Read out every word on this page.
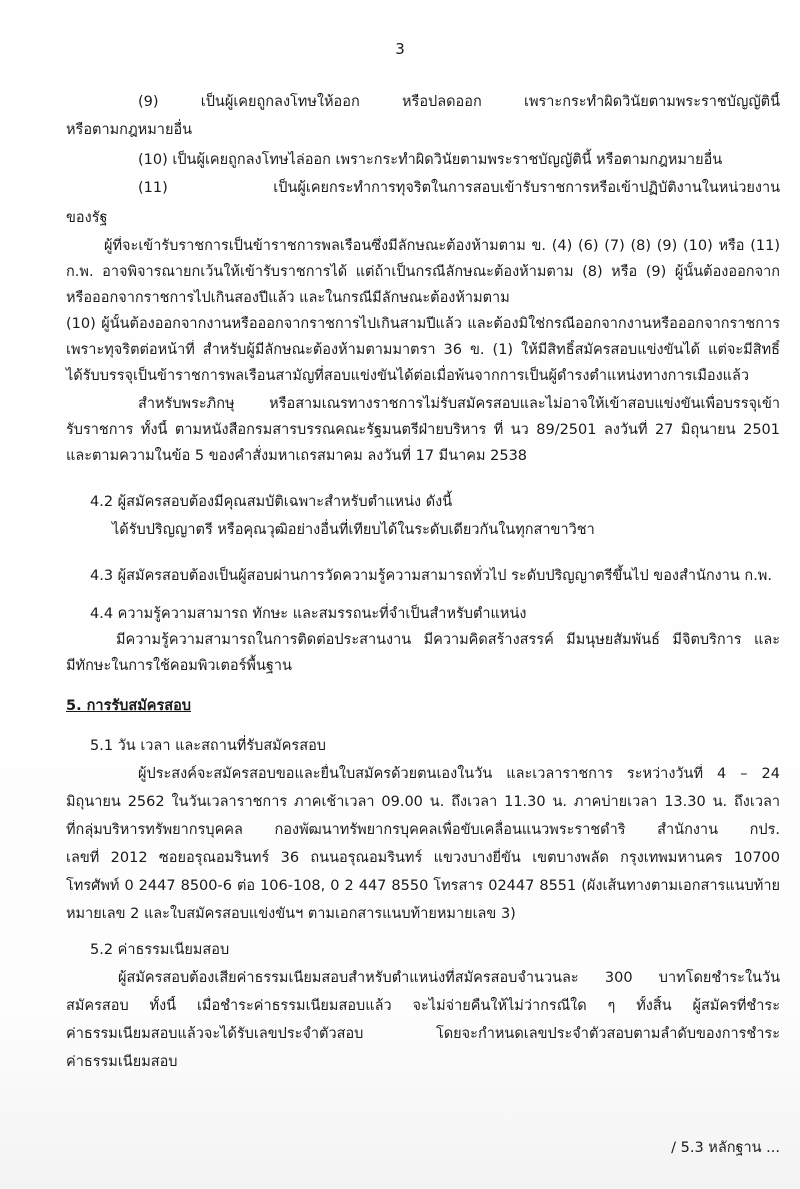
3
(9) เป็นผู้เคยถูกลงโทษให้ออก หรือปลดออก เพราะกระทำผิดวินัยตามพระราชบัญญัตินี้
หรือตามกฎหมายอื่น
(10) เป็นผู้เคยถูกลงโทษไล่ออก เพราะกระทำผิดวินัยตามพระราชบัญญัตินี้ หรือตามกฎหมายอื่น
(11) เป็นผู้เคยกระทำการทุจริตในการสอบเข้ารับราชการหรือเข้าปฏิบัติงานในหน่วยงาน
ของรัฐ
ผู้ที่จะเข้ารับราชการเป็นข้าราชการพลเรือนซึ่งมีลักษณะต้องห้ามตาม ข. (4) (6) (7) (8) (9) (10) หรือ (11)
ก.พ. อาจพิจารณายกเว้นให้เข้ารับราชการได้ แต่ถ้าเป็นกรณีลักษณะต้องห้ามตาม (8) หรือ (9) ผู้นั้นต้องออกจาก
หรือออกจากราชการไปเกินสองปีแล้ว และในกรณีมีลักษณะต้องห้ามตาม
(10) ผู้นั้นต้องออกจากงานหรือออกจากราชการไปเกินสามปีแล้ว และต้องมิใช่กรณีออกจากงานหรือออกจากราชการ
เพราะทุจริตต่อหน้าที่ สำหรับผู้มีลักษณะต้องห้ามตามมาตรา 36 ข. (1) ให้มีสิทธิ์สมัครสอบแข่งขันได้ แต่จะมีสิทธิ์
ได้รับบรรจุเป็นข้าราชการพลเรือนสามัญที่สอบแข่งขันได้ต่อเมื่อพ้นจากการเป็นผู้ดำรงตำแหน่งทางการเมืองแล้ว
สำหรับพระภิกษุ หรือสามเณรทางราชการไม่รับสมัครสอบและไม่อาจให้เข้าสอบแข่งขันเพื่อบรรจุเข้า
รับราชการ ทั้งนี้ ตามหนังสือกรมสารบรรณคณะรัฐมนตรีฝ่ายบริหาร ที่ นว 89/2501 ลงวันที่ 27 มิถุนายน 2501
และตามความในข้อ 5 ของคำสั่งมหาเถรสมาคม ลงวันที่ 17 มีนาคม 2538
4.2 ผู้สมัครสอบต้องมีคุณสมบัติเฉพาะสำหรับตำแหน่ง ดังนี้
ได้รับปริญญาตรี หรือคุณวุฒิอย่างอื่นที่เทียบได้ในระดับเดียวกันในทุกสาขาวิชา
4.3 ผู้สมัครสอบต้องเป็นผู้สอบผ่านการวัดความรู้ความสามารถทั่วไป ระดับปริญญาตรีขึ้นไป ของสำนักงาน ก.พ.
4.4 ความรู้ความสามารถ ทักษะ และสมรรถนะที่จำเป็นสำหรับตำแหน่ง
มีความรู้ความสามารถในการติดต่อประสานงาน มีความคิดสร้างสรรค์ มีมนุษยสัมพันธ์ มีจิตบริการ และ
มีทักษะในการใช้คอมพิวเตอร์พื้นฐาน
5. การรับสมัครสอบ
5.1 วัน เวลา และสถานที่รับสมัครสอบ
ผู้ประสงค์จะสมัครสอบขอและยื่นใบสมัครด้วยตนเองในวัน และเวลาราชการ ระหว่างวันที่ 4 – 24
มิถุนายน 2562 ในวันเวลาราชการ ภาคเช้าเวลา 09.00 น. ถึงเวลา 11.30 น. ภาคบ่ายเวลา 13.30 น. ถึงเวลา
ที่กลุ่มบริหารทรัพยากรบุคคล กองพัฒนาทรัพยากรบุคคลเพื่อขับเคลื่อนแนวพระราชดำริ สำนักงาน กปร.
เลขที่ 2012 ซอยอรุณอมรินทร์ 36 ถนนอรุณอมรินทร์ แขวงบางยี่ขัน เขตบางพลัด กรุงเทพมหานคร 10700
โทรศัพท์ 0 2447 8500-6 ต่อ 106-108, 0 2 447 8550 โทรสาร 02447 8551 (ผังเส้นทางตามเอกสารแนบท้าย
หมายเลข 2 และใบสมัครสอบแข่งขันฯ ตามเอกสารแนบท้ายหมายเลข 3)
5.2 ค่าธรรมเนียมสอบ
ผู้สมัครสอบต้องเสียค่าธรรมเนียมสอบสำหรับตำแหน่งที่สมัครสอบจำนวนละ 300 บาทโดยชำระในวัน
สมัครสอบ ทั้งนี้ เมื่อชำระค่าธรรมเนียมสอบแล้ว จะไม่จ่ายคืนให้ไม่ว่ากรณีใด ๆ ทั้งสิ้น ผู้สมัครที่ชำระ
ค่าธรรมเนียมสอบแล้วจะได้รับเลขประจำตัวสอบ โดยจะกำหนดเลขประจำตัวสอบตามลำดับของการชำระ
ค่าธรรมเนียมสอบ
/ 5.3 หลักฐาน ...
